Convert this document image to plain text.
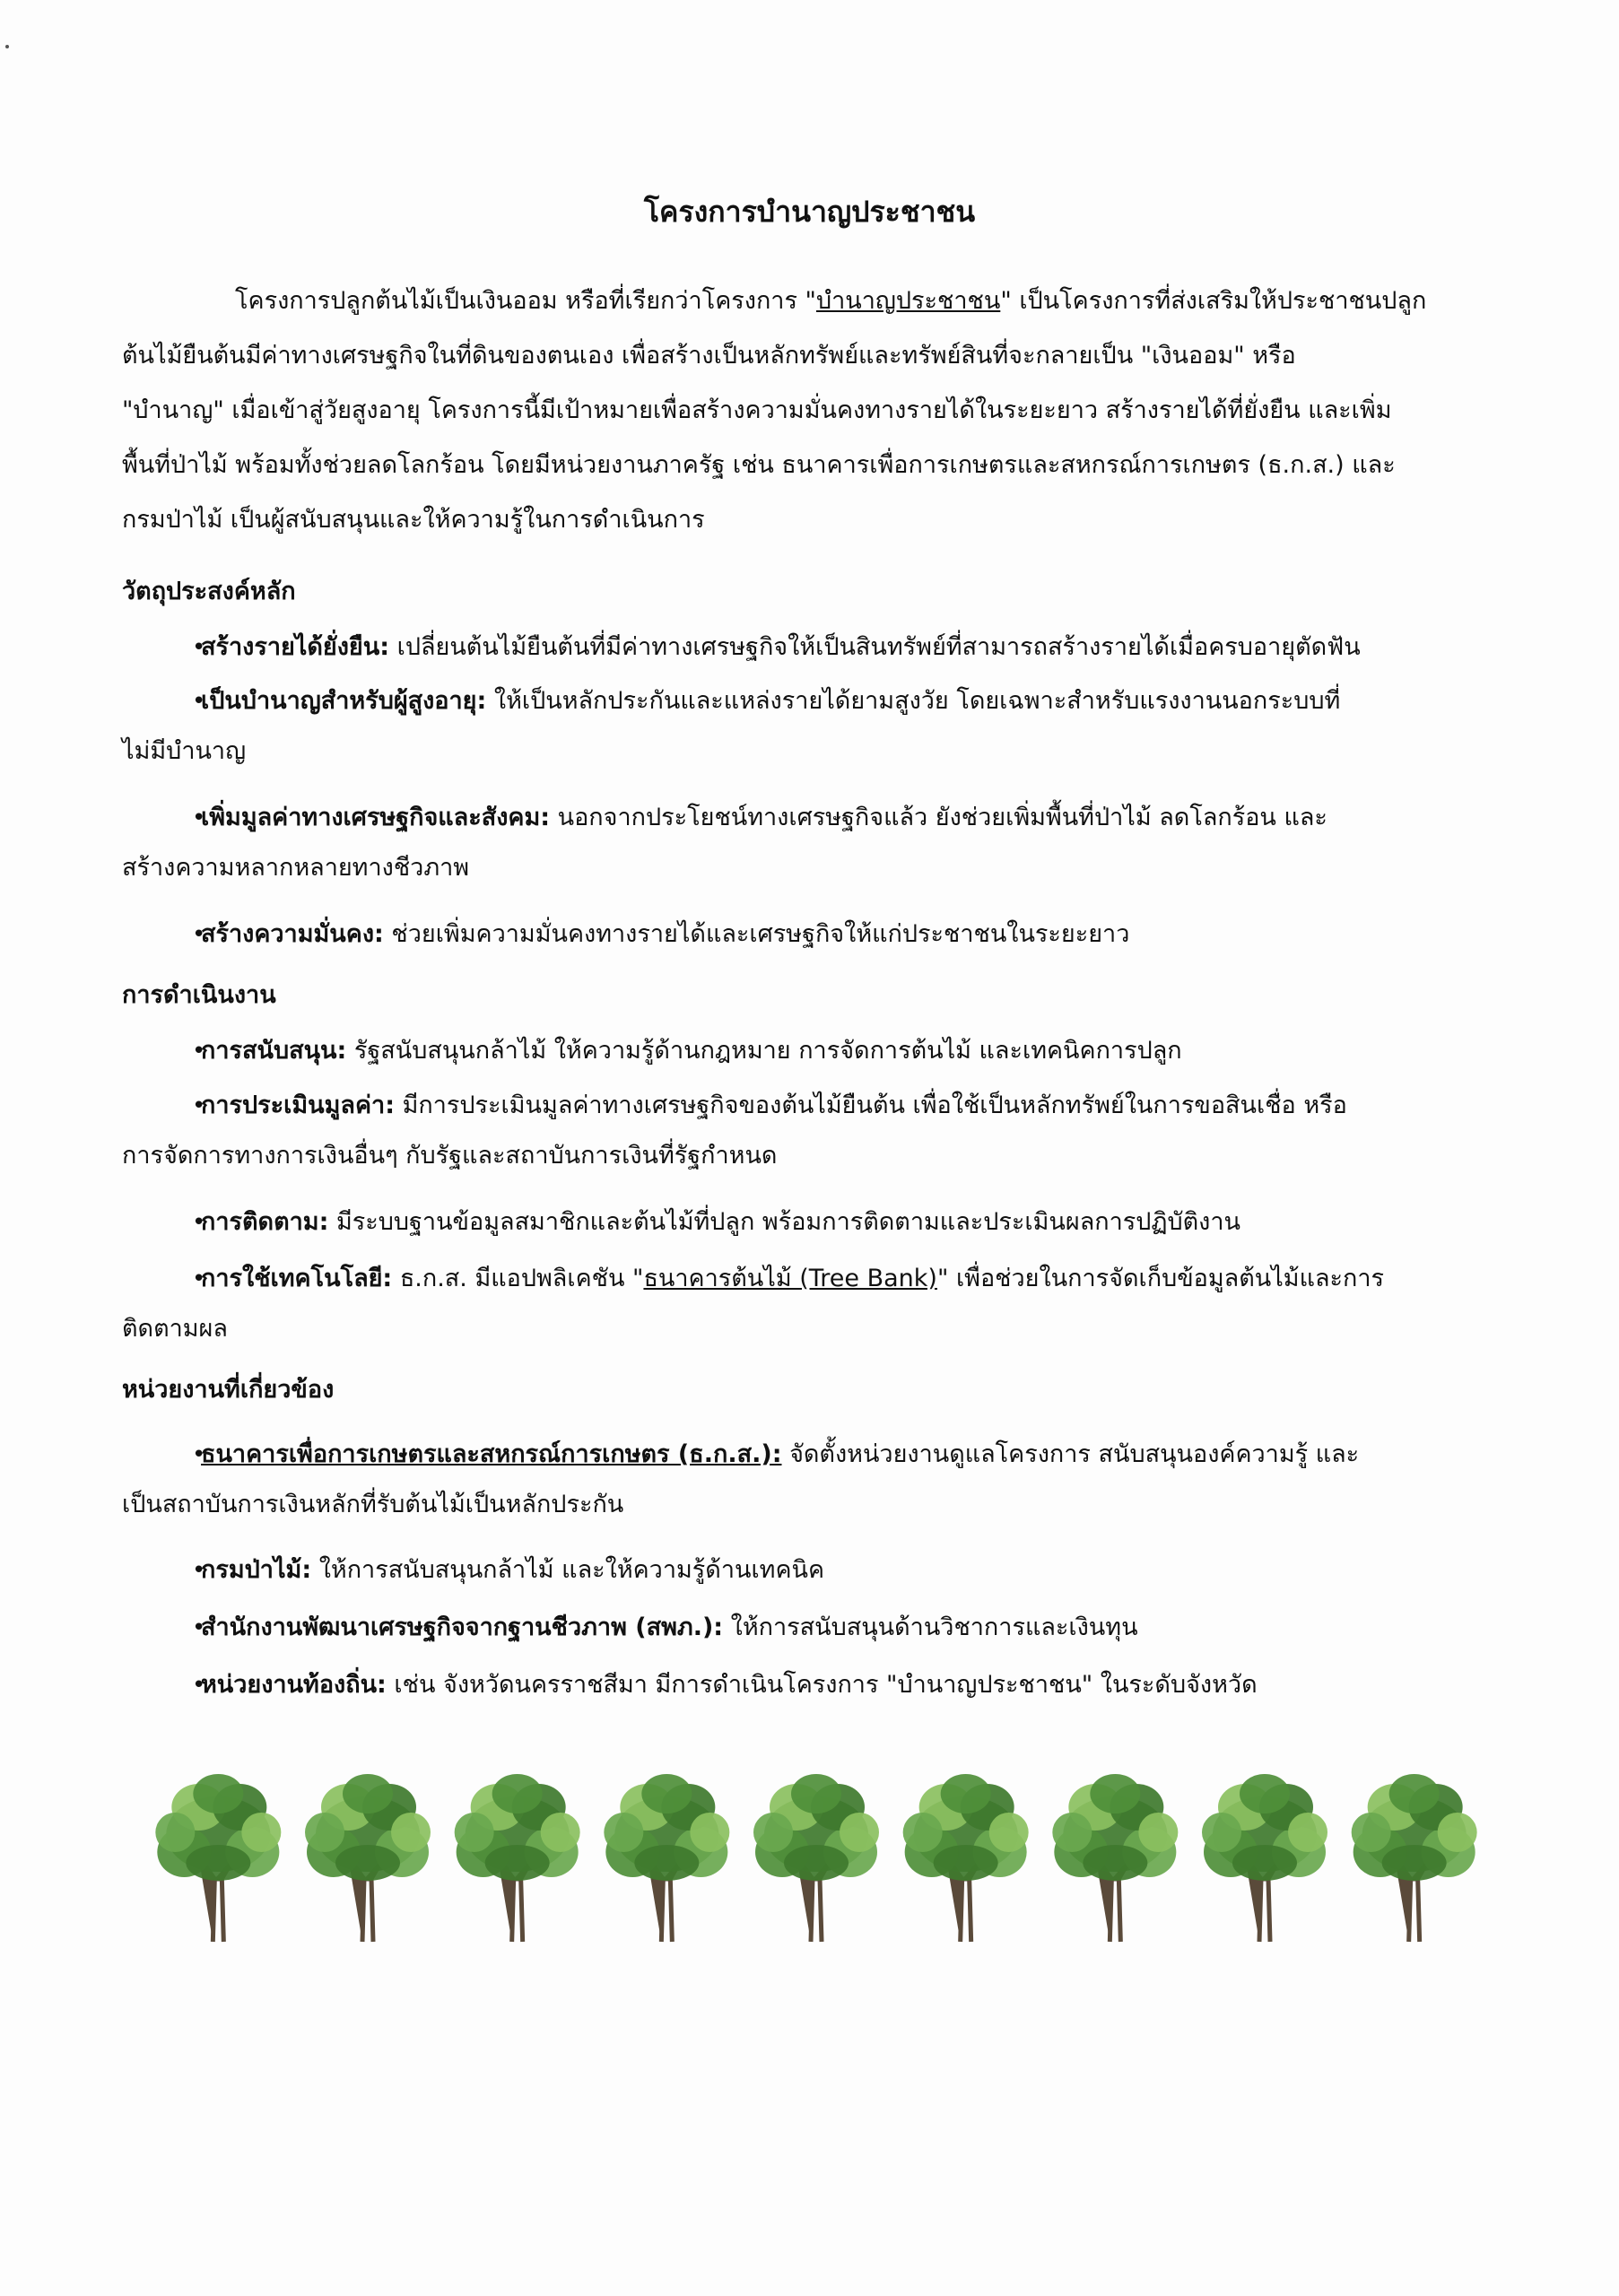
โครงการบำนาญประชาชน
โครงการปลูกต้นไม้เป็นเงินออม หรือที่เรียกว่าโครงการ "บำนาญประชาชน" เป็นโครงการที่ส่งเสริมให้ประชาชนปลูก
ต้นไม้ยืนต้นมีค่าทางเศรษฐกิจในที่ดินของตนเอง เพื่อสร้างเป็นหลักทรัพย์และทรัพย์สินที่จะกลายเป็น "เงินออม" หรือ
"บำนาญ" เมื่อเข้าสู่วัยสูงอายุ โครงการนี้มีเป้าหมายเพื่อสร้างความมั่นคงทางรายได้ในระยะยาว สร้างรายได้ที่ยั่งยืน และเพิ่ม
พื้นที่ป่าไม้ พร้อมทั้งช่วยลดโลกร้อน โดยมีหน่วยงานภาครัฐ เช่น ธนาคารเพื่อการเกษตรและสหกรณ์การเกษตร (ธ.ก.ส.) และ
กรมป่าไม้ เป็นผู้สนับสนุนและให้ความรู้ในการดำเนินการ
วัตถุประสงค์หลัก
• สร้างรายได้ยั่งยืน: เปลี่ยนต้นไม้ยืนต้นที่มีค่าทางเศรษฐกิจให้เป็นสินทรัพย์ที่สามารถสร้างรายได้เมื่อครบอายุตัดฟัน
• เป็นบำนาญสำหรับผู้สูงอายุ: ให้เป็นหลักประกันและแหล่งรายได้ยามสูงวัย โดยเฉพาะสำหรับแรงงานนอกระบบที่
ไม่มีบำนาญ
• เพิ่มมูลค่าทางเศรษฐกิจและสังคม: นอกจากประโยชน์ทางเศรษฐกิจแล้ว ยังช่วยเพิ่มพื้นที่ป่าไม้ ลดโลกร้อน และ
สร้างความหลากหลายทางชีวภาพ
• สร้างความมั่นคง: ช่วยเพิ่มความมั่นคงทางรายได้และเศรษฐกิจให้แก่ประชาชนในระยะยาว
การดำเนินงาน
• การสนับสนุน: รัฐสนับสนุนกล้าไม้ ให้ความรู้ด้านกฎหมาย การจัดการต้นไม้ และเทคนิคการปลูก
• การประเมินมูลค่า: มีการประเมินมูลค่าทางเศรษฐกิจของต้นไม้ยืนต้น เพื่อใช้เป็นหลักทรัพย์ในการขอสินเชื่อ หรือ
การจัดการทางการเงินอื่นๆ กับรัฐและสถาบันการเงินที่รัฐกำหนด
• การติดตาม: มีระบบฐานข้อมูลสมาชิกและต้นไม้ที่ปลูก พร้อมการติดตามและประเมินผลการปฏิบัติงาน
• การใช้เทคโนโลยี: ธ.ก.ส. มีแอปพลิเคชัน "ธนาคารต้นไม้ (Tree Bank)" เพื่อช่วยในการจัดเก็บข้อมูลต้นไม้และการ
ติดตามผล
หน่วยงานที่เกี่ยวข้อง
• ธนาคารเพื่อการเกษตรและสหกรณ์การเกษตร (ธ.ก.ส.): จัดตั้งหน่วยงานดูแลโครงการ สนับสนุนองค์ความรู้ และ
เป็นสถาบันการเงินหลักที่รับต้นไม้เป็นหลักประกัน
• กรมป่าไม้: ให้การสนับสนุนกล้าไม้ และให้ความรู้ด้านเทคนิค
• สำนักงานพัฒนาเศรษฐกิจจากฐานชีวภาพ (สพภ.): ให้การสนับสนุนด้านวิชาการและเงินทุน
• หน่วยงานท้องถิ่น: เช่น จังหวัดนครราชสีมา มีการดำเนินโครงการ "บำนาญประชาชน" ในระดับจังหวัด
